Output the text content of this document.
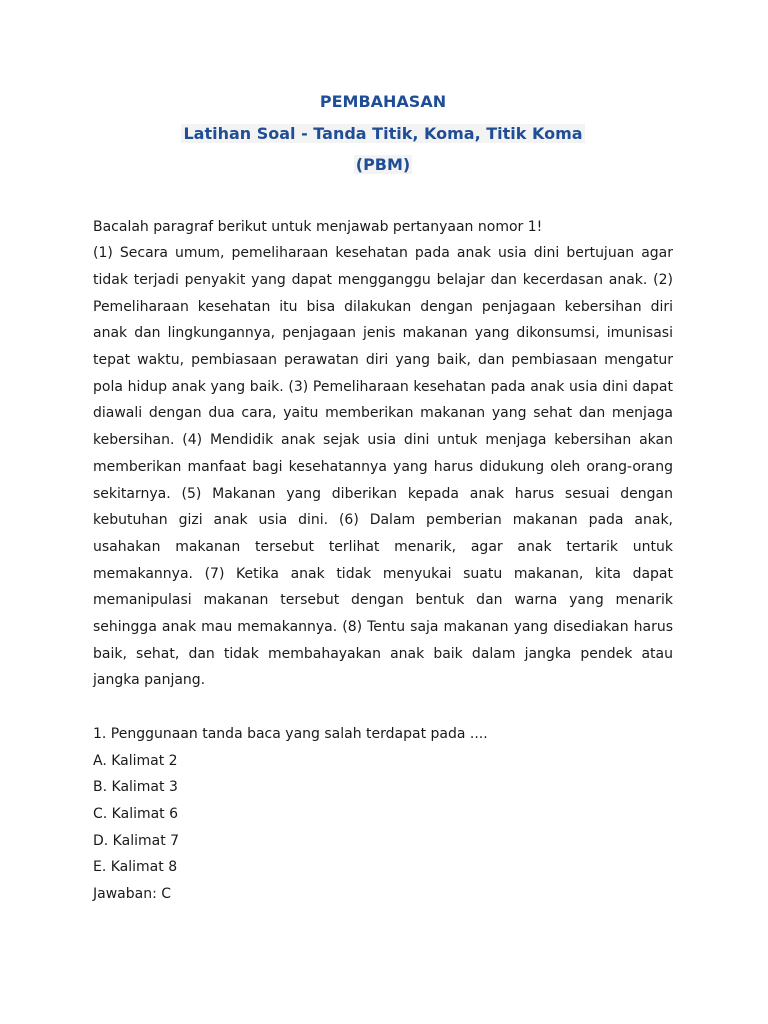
PEMBAHASAN
Latihan Soal - Tanda Titik, Koma, Titik Koma
(PBM)
Bacalah paragraf berikut untuk menjawab pertanyaan nomor 1!
(1) Secara umum, pemeliharaan kesehatan pada anak usia dini bertujuan agar tidak terjadi penyakit yang dapat mengganggu belajar dan kecerdasan anak. (2) Pemeliharaan kesehatan itu bisa dilakukan dengan penjagaan kebersihan diri anak dan lingkungannya, penjagaan jenis makanan yang dikonsumsi, imunisasi tepat waktu, pembiasaan perawatan diri yang baik, dan pembiasaan mengatur pola hidup anak yang baik. (3) Pemeliharaan kesehatan pada anak usia dini dapat diawali dengan dua cara, yaitu memberikan makanan yang sehat dan menjaga kebersihan. (4) Mendidik anak sejak usia dini untuk menjaga kebersihan akan memberikan manfaat bagi kesehatannya yang harus didukung oleh orang-orang sekitarnya. (5) Makanan yang diberikan kepada anak harus sesuai dengan kebutuhan gizi anak usia dini. (6) Dalam pemberian makanan pada anak, usahakan makanan tersebut terlihat menarik, agar anak tertarik untuk memakannya. (7) Ketika anak tidak menyukai suatu makanan, kita dapat memanipulasi makanan tersebut dengan bentuk dan warna yang menarik sehingga anak mau memakannya. (8) Tentu saja makanan yang disediakan harus baik, sehat, dan tidak membahayakan anak baik dalam jangka pendek atau jangka panjang.
1. Penggunaan tanda baca yang salah terdapat pada ....
A. Kalimat 2
B. Kalimat 3
C. Kalimat 6
D. Kalimat 7
E. Kalimat 8
Jawaban: C
